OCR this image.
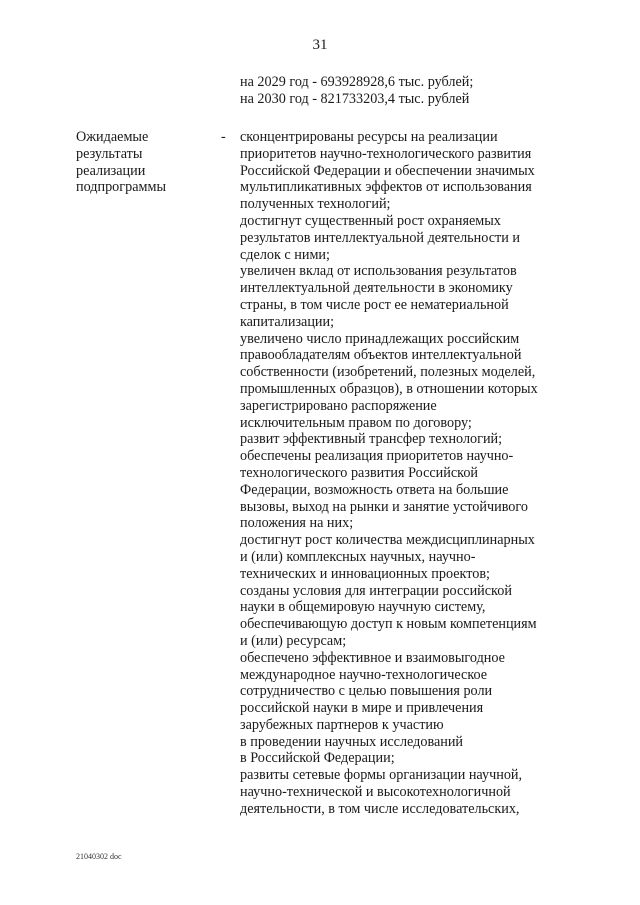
31
на 2029 год - 693928928,6 тыс. рублей;
на 2030 год - 821733203,4 тыс. рублей
Ожидаемые
результаты
реализации
подпрограммы
- сконцентрированы ресурсы на реализации
приоритетов научно-технологического развития
Российской Федерации и обеспечении значимых
мультипликативных эффектов от использования
полученных технологий;
достигнут существенный рост охраняемых
результатов интеллектуальной деятельности и
сделок с ними;
увеличен вклад от использования результатов
интеллектуальной деятельности в экономику
страны, в том числе рост ее нематериальной
капитализации;
увеличено число принадлежащих российским
правообладателям объектов интеллектуальной
собственности (изобретений, полезных моделей,
промышленных образцов), в отношении которых
зарегистрировано распоряжение
исключительным правом по договору;
развит эффективный трансфер технологий;
обеспечены реализация приоритетов научно-
технологического развития Российской
Федерации, возможность ответа на большие
вызовы, выход на рынки и занятие устойчивого
положения на них;
достигнут рост количества междисциплинарных
и (или) комплексных научных, научно-
технических и инновационных проектов;
созданы условия для интеграции российской
науки в общемировую научную систему,
обеспечивающую доступ к новым компетенциям
и (или) ресурсам;
обеспечено эффективное и взаимовыгодное
международное научно-технологическое
сотрудничество с целью повышения роли
российской науки в мире и привлечения
зарубежных партнеров к участию
в проведении научных исследований
в Российской Федерации;
развиты сетевые формы организации научной,
научно-технической и высокотехнологичной
деятельности, в том числе исследовательских,
21040302 doc
